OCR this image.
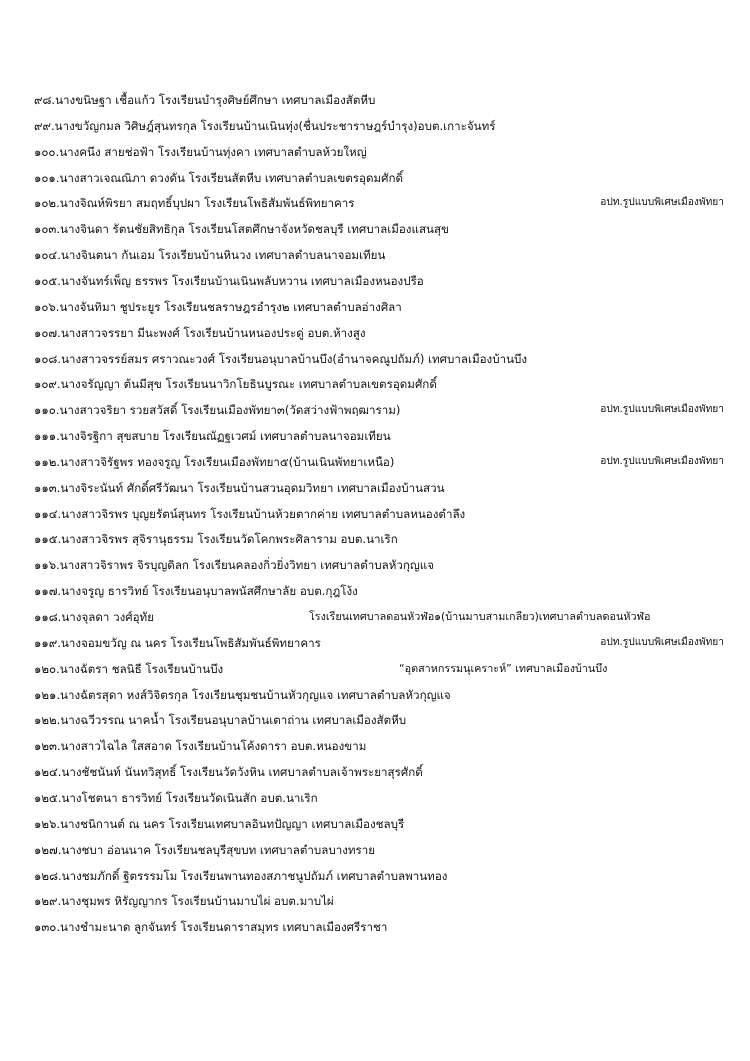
๙๘.นางขนิษฐา เชื้อแก้ว โรงเรียนบำรุงศิษย์ศึกษา เทศบาลเมืองสัตหีบ
๙๙.นางขวัญกมล วิศิษฎ์สุนทรกุล โรงเรียนบ้านเนินทุ่ง(ชื่นประชาราษฎร์บำรุง)อบต.เกาะจันทร์
๑๐๐.นางคนึง สายช่อฟ้า โรงเรียนบ้านทุ่งคา เทศบาลตำบลห้วยใหญ่
๑๐๑.นางสาวเจณณิภา ดวงดัน โรงเรียนสัตหีบ เทศบาลตำบลเขตรอุดมศักดิ์
๑๐๒.นางจิณห์พิรยา สมฤทธิ์บุปผา โรงเรียนโพธิสัมพันธ์พิทยาคาร	อปท.รูปแบบพิเศษเมืองพัทยา
๑๐๓.นางจินดา รัตนชัยสิทธิกุล โรงเรียนโสตศึกษาจังหวัดชลบุรี เทศบาลเมืองแสนสุข
๑๐๔.นางจินตนา กันเอม โรงเรียนบ้านหินวง เทศบาลตำบลนาจอมเทียน
๑๐๕.นางจันทร์เพ็ญ ธรรพร โรงเรียนบ้านเนินพลับหวาน เทศบาลเมืองหนองปรือ
๑๐๖.นางจันทิมา ชูประยูร โรงเรียนชลราษฎรอำรุง๒ เทศบาลตำบลอ่างศิลา
๑๐๗.นางสาวจรรยา มีนะพงศ์ โรงเรียนบ้านหนองประดู่ อบต.ห้างสูง
๑๐๘.นางสาวจรรย์สมร ศราวณะวงศ์ โรงเรียนอนุบาลบ้านบึง(อำนาจคณูปถัมภ์) เทศบาลเมืองบ้านบึง
๑๐๙.นางจรัญญา ต้นมีสุข โรงเรียนนาวิกโยธินบูรณะ เทศบาลตำบลเขตรอุดมศักดิ์
๑๑๐.นางสาวจริยา รวยสวัสดิ์ โรงเรียนเมืองพัทยา๓(วัดสว่างฟ้าพฤฒาราม)	อปท.รูปแบบพิเศษเมืองพัทยา
๑๑๑.นางจิรฐิกา สุขสบาย โรงเรียนณัฏฐเวศม์ เทศบาลตำบลนาจอมเทียน
๑๑๒.นางสาวจิรัฐพร ทองจรูญ โรงเรียนเมืองพัทยา๕(บ้านเนินพัทยาเหนือ)	อปท.รูปแบบพิเศษเมืองพัทยา
๑๑๓.นางจิระนันท์ ศักดิ์ศรีวัฒนา โรงเรียนบ้านสวนอุดมวิทยา เทศบาลเมืองบ้านสวน
๑๑๔.นางสาวจิรพร บุญยรัตน์สุนทร โรงเรียนบ้านห้วยตากค่าย เทศบาลตำบลหนองตำลึง
๑๑๕.นางสาวจิรพร สุจิรานุธรรม โรงเรียนวัดโคกพระศิลาราม อบต.นาเริก
๑๑๖.นางสาวจิราพร จิรบุญดิลก โรงเรียนคลองกิ่วยิ่งวิทยา เทศบาลตำบลหัวกุญแจ
๑๑๗.นางจรูญ ธารวิทย์ โรงเรียนอนุบาลพนัสศึกษาลัย อบต.กุฎโง้ง
๑๑๘.นางจุลดา วงศ์อุทัย	โรงเรียนเทศบาลดอนหัวฬ่อ๑(บ้านมาบสามเกลียว)เทศบาลตำบลดอนหัวฬ่อ
๑๑๙.นางจอมขวัญ ณ นคร โรงเรียนโพธิสัมพันธ์พิทยาคาร	อปท.รูปแบบพิเศษเมืองพัทยา
๑๒๐.นางฉัตรา ชลนิธี โรงเรียนบ้านบึง	“อุตสาหกรรมนุเคราะห์” เทศบาลเมืองบ้านบึง
๑๒๑.นางฉัตรสุดา หงส์วิจิตรกุล โรงเรียนชุมชนบ้านหัวกุญแจ เทศบาลตำบลหัวกุญแจ
๑๒๒.นางฉวีวรรณ นาคน้ำ โรงเรียนอนุบาลบ้านเตาถ่าน เทศบาลเมืองสัตหีบ
๑๒๓.นางสาวไฉไล ใสสอาด โรงเรียนบ้านโค้งดารา อบต.หนองขาม
๑๒๔.นางชัชนันท์ นันทวิสุทธิ์ โรงเรียนวัดวังหิน เทศบาลตำบลเจ้าพระยาสุรศักดิ์
๑๒๕.นางโชตนา ธารวิทย์ โรงเรียนวัดเนินสัก อบต.นาเริก
๑๒๖.นางชนิกานต์ ณ นคร โรงเรียนเทศบาลอินทปัญญา เทศบาลเมืองชลบุรี
๑๒๗.นางชบา อ่อนนาค โรงเรียนชลบุรีสุขบท เทศบาลตำบลบางทราย
๑๒๘.นางชมภักดิ์ ฐิตรรรมโม โรงเรียนพานทองสภาชนูปถัมภ์ เทศบาลตำบลพานทอง
๑๒๙.นางชุมพร หิรัญญากร โรงเรียนบ้านมาบไผ่ อบต.มาบไผ่
๑๓๐.นางชำมะนาด ลูกจันทร์ โรงเรียนดาราสมุทร เทศบาลเมืองศรีราชา
